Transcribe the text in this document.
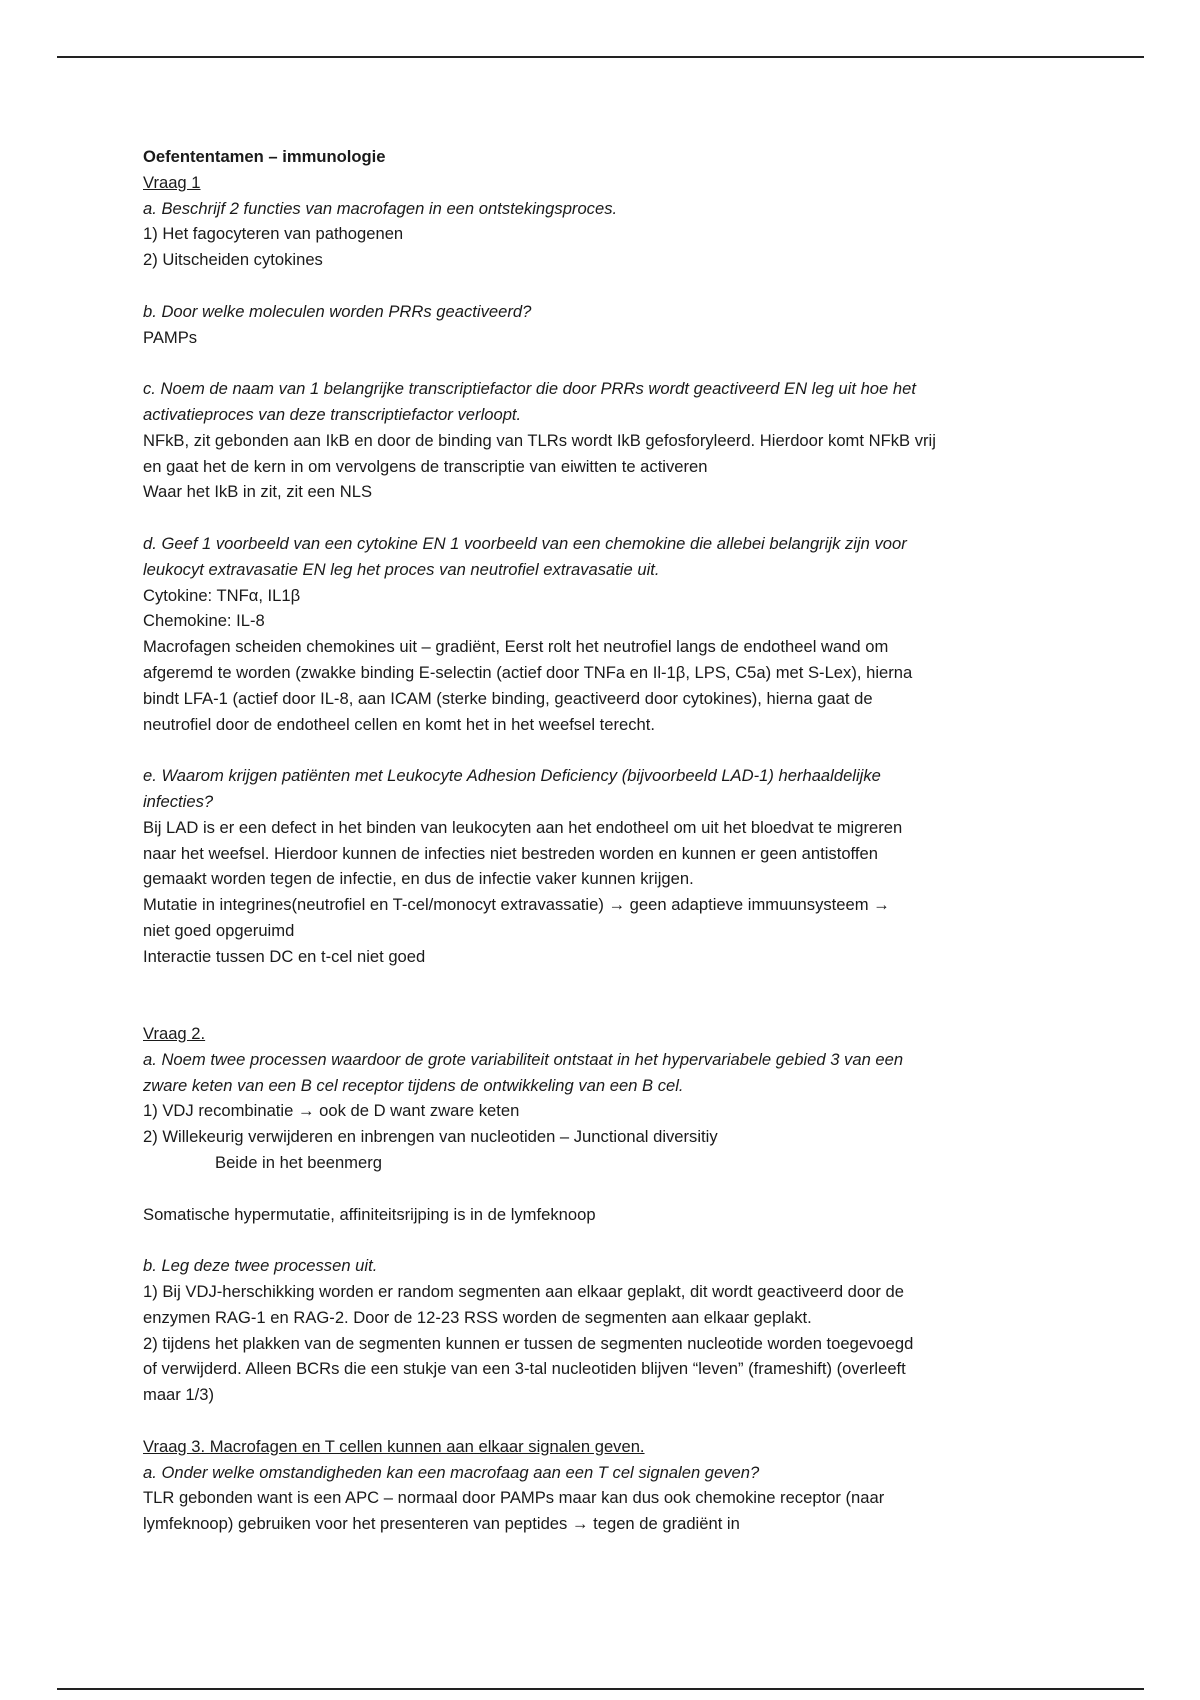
Oefententamen – immunologie

Vraag 1

a. Beschrijf 2 functies van macrofagen in een ontstekingsproces.

1) Het fagocyteren van pathogenen

2) Uitscheiden cytokines

b. Door welke moleculen worden PRRs geactiveerd?

PAMPs

c. Noem de naam van 1 belangrijke transcriptiefactor die door PRRs wordt geactiveerd EN leg uit hoe het

activatieproces van deze transcriptiefactor verloopt.

NFkB, zit gebonden aan IkB en door de binding van TLRs wordt IkB gefosforyleerd. Hierdoor komt NFkB vrij

en gaat het de kern in om vervolgens de transcriptie van eiwitten te activeren

Waar het IkB in zit, zit een NLS

d. Geef 1 voorbeeld van een cytokine EN 1 voorbeeld van een chemokine die allebei belangrijk zijn voor

leukocyt extravasatie EN leg het proces van neutrofiel extravasatie uit.

Cytokine: TNFα, IL1β

Chemokine: IL-8

Macrofagen scheiden chemokines uit – gradiënt, Eerst rolt het neutrofiel langs de endotheel wand om

afgeremd te worden (zwakke binding E-selectin (actief door TNFa en Il-1β, LPS, C5a) met S-Lex), hierna

bindt LFA-1 (actief door IL-8, aan ICAM (sterke binding, geactiveerd door cytokines), hierna gaat de

neutrofiel door de endotheel cellen en komt het in het weefsel terecht.

e. Waarom krijgen patiënten met Leukocyte Adhesion Deficiency (bijvoorbeeld LAD-1) herhaaldelijke

infecties?

Bij LAD is er een defect in het binden van leukocyten aan het endotheel om uit het bloedvat te migreren

naar het weefsel. Hierdoor kunnen de infecties niet bestreden worden en kunnen er geen antistoffen

gemaakt worden tegen de infectie, en dus de infectie vaker kunnen krijgen.

Mutatie in integrines(neutrofiel en T-cel/monocyt extravassatie) → geen adaptieve immuunsysteem →

niet goed opgeruimd

Interactie tussen DC en t-cel niet goed

Vraag 2.

a. Noem twee processen waardoor de grote variabiliteit ontstaat in het hypervariabele gebied 3 van een

zware keten van een B cel receptor tijdens de ontwikkeling van een B cel.

1) VDJ recombinatie → ook de D want zware keten

2) Willekeurig verwijderen en inbrengen van nucleotiden – Junctional diversitiy

Beide in het beenmerg

Somatische hypermutatie, affiniteitsrijping is in de lymfeknoop

b. Leg deze twee processen uit.

1) Bij VDJ-herschikking worden er random segmenten aan elkaar geplakt, dit wordt geactiveerd door de

enzymen RAG-1 en RAG-2. Door de 12-23 RSS worden de segmenten aan elkaar geplakt.

2) tijdens het plakken van de segmenten kunnen er tussen de segmenten nucleotide worden toegevoegd

of verwijderd. Alleen BCRs die een stukje van een 3-tal nucleotiden blijven “leven” (frameshift) (overleeft

maar 1/3)

Vraag 3. Macrofagen en T cellen kunnen aan elkaar signalen geven.

a. Onder welke omstandigheden kan een macrofaag aan een T cel signalen geven?

TLR gebonden want is een APC – normaal door PAMPs maar kan dus ook chemokine receptor (naar

lymfeknoop) gebruiken voor het presenteren van peptides → tegen de gradiënt in
